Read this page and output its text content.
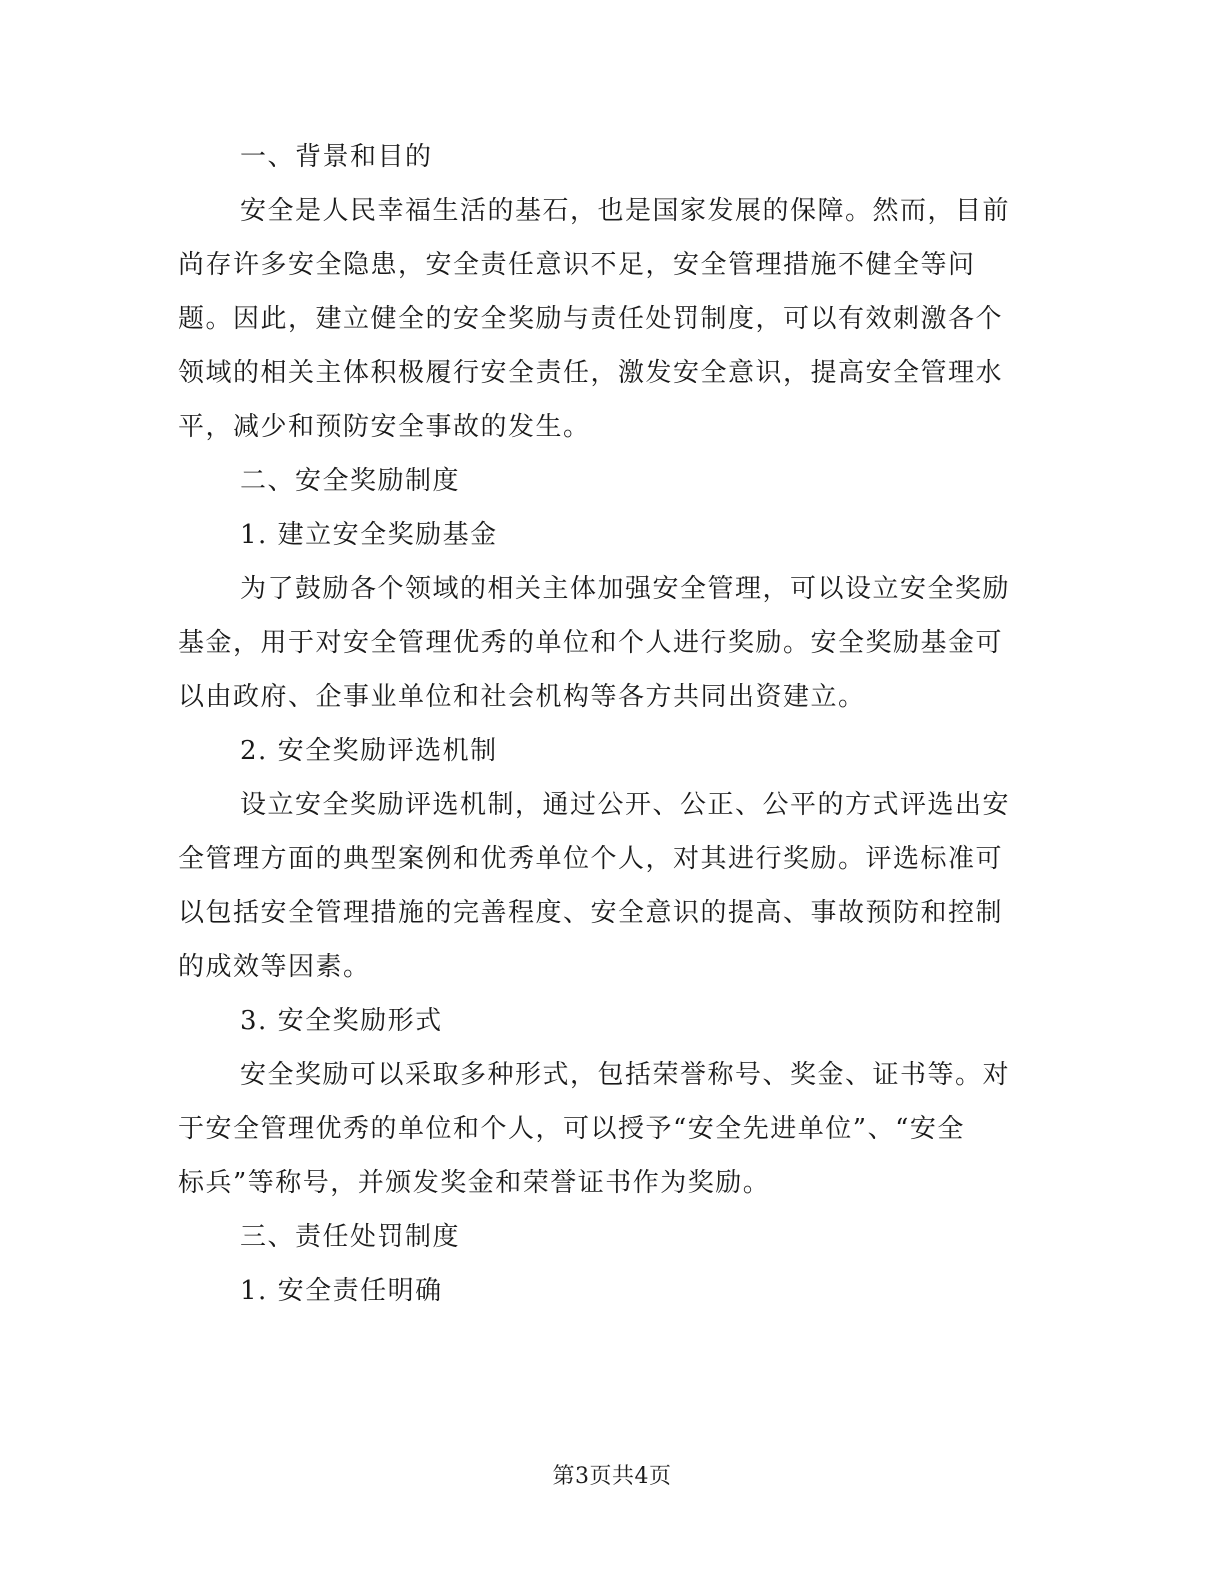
一、背景和目的
安全是人民幸福生活的基石，也是国家发展的保障。然而，目前
尚存许多安全隐患，安全责任意识不足，安全管理措施不健全等问
题。因此，建立健全的安全奖励与责任处罚制度，可以有效刺激各个
领域的相关主体积极履行安全责任，激发安全意识，提高安全管理水
平，减少和预防安全事故的发生。
二、安全奖励制度
1. 建立安全奖励基金
为了鼓励各个领域的相关主体加强安全管理，可以设立安全奖励
基金，用于对安全管理优秀的单位和个人进行奖励。安全奖励基金可
以由政府、企事业单位和社会机构等各方共同出资建立。
2. 安全奖励评选机制
设立安全奖励评选机制，通过公开、公正、公平的方式评选出安
全管理方面的典型案例和优秀单位个人，对其进行奖励。评选标准可
以包括安全管理措施的完善程度、安全意识的提高、事故预防和控制
的成效等因素。
3. 安全奖励形式
安全奖励可以采取多种形式，包括荣誉称号、奖金、证书等。对
于安全管理优秀的单位和个人，可以授予“安全先进单位”、“安全
标兵”等称号，并颁发奖金和荣誉证书作为奖励。
三、责任处罚制度
1. 安全责任明确
第3页共4页
